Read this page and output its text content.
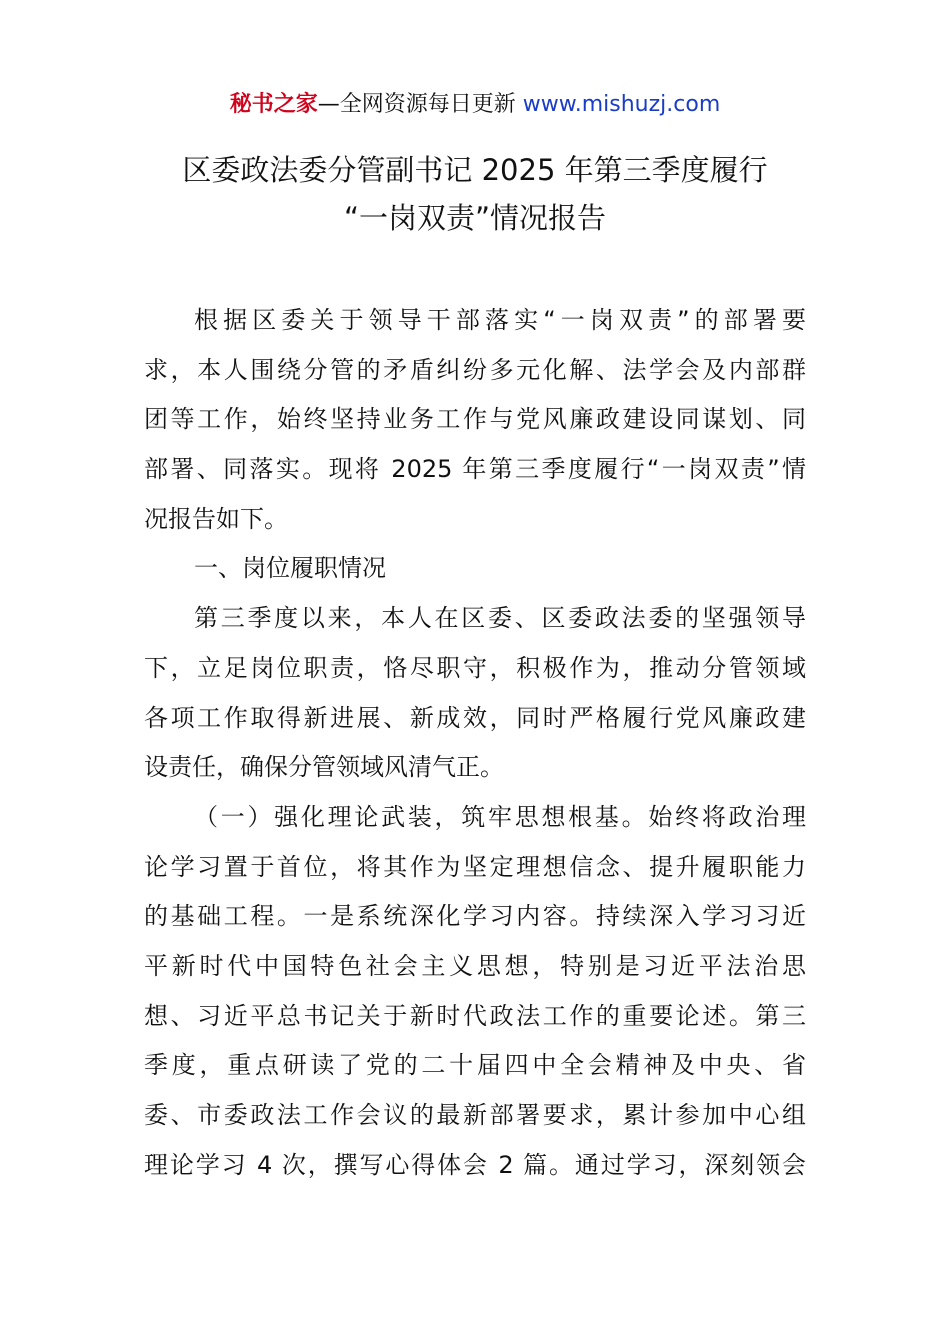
秘书之家—全网资源每日更新 www.mishuzj.com
区委政法委分管副书记 2025 年第三季度履行
“一岗双责”情况报告
根据区委关于领导干部落实“一岗双责”的部署要
求，本人围绕分管的矛盾纠纷多元化解、法学会及内部群
团等工作，始终坚持业务工作与党风廉政建设同谋划、同
部署、同落实。现将 2025 年第三季度履行“一岗双责”情
况报告如下。
一、岗位履职情况
第三季度以来，本人在区委、区委政法委的坚强领导
下，立足岗位职责，恪尽职守，积极作为，推动分管领域
各项工作取得新进展、新成效，同时严格履行党风廉政建
设责任，确保分管领域风清气正。
（一）强化理论武装，筑牢思想根基。始终将政治理
论学习置于首位，将其作为坚定理想信念、提升履职能力
的基础工程。一是系统深化学习内容。持续深入学习习近
平新时代中国特色社会主义思想，特别是习近平法治思
想、习近平总书记关于新时代政法工作的重要论述。第三
季度，重点研读了党的二十届四中全会精神及中央、省
委、市委政法工作会议的最新部署要求，累计参加中心组
理论学习 4 次，撰写心得体会 2 篇。通过学习，深刻领会
